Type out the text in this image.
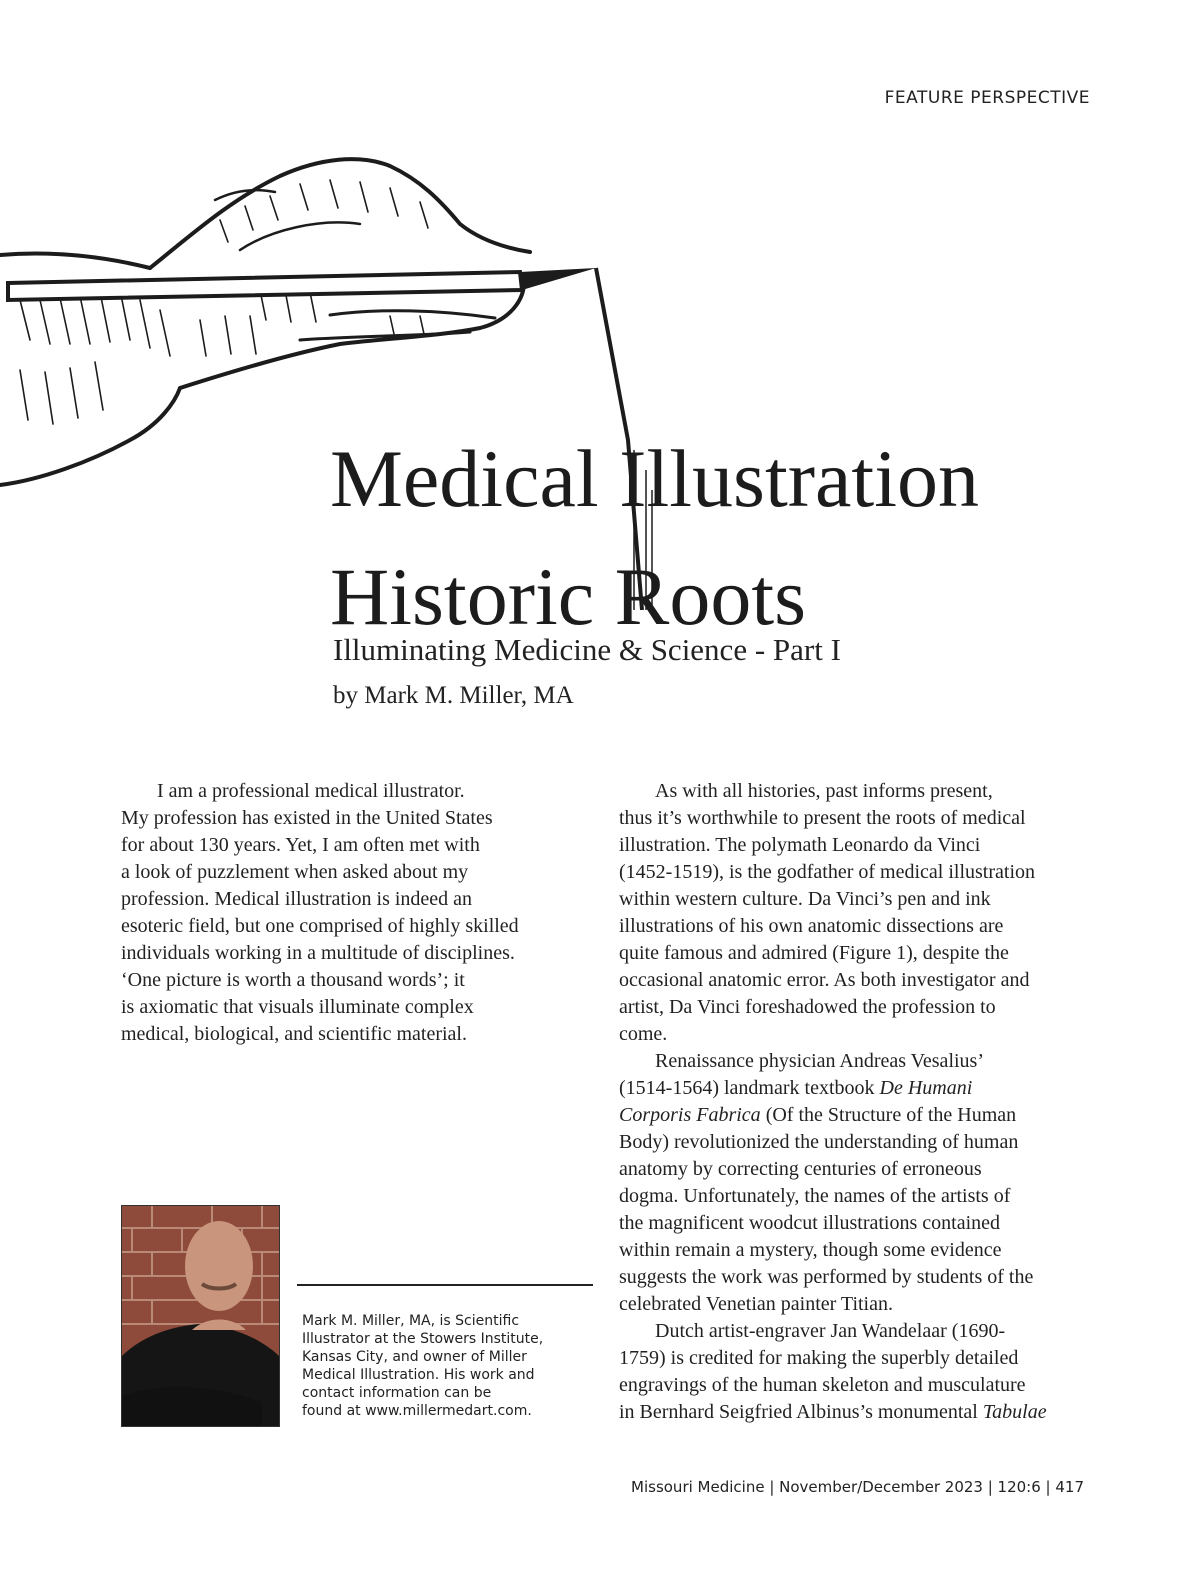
FEATURE PERSPECTIVE
Medical Illustration
Historic Roots
Illuminating Medicine & Science - Part I
by Mark M. Miller, MA

I am a professional medical illustrator.
My profession has existed in the United States
for about 130 years. Yet, I am often met with
a look of puzzlement when asked about my
profession. Medical illustration is indeed an
esoteric field, but one comprised of highly skilled
individuals working in a multitude of disciplines.
‘One picture is worth a thousand words’; it
is axiomatic that visuals illuminate complex
medical, biological, and scientific material.

As with all histories, past informs present,
thus it’s worthwhile to present the roots of medical
illustration. The polymath Leonardo da Vinci
(1452-1519), is the godfather of medical illustration
within western culture. Da Vinci’s pen and ink
illustrations of his own anatomic dissections are
quite famous and admired (Figure 1), despite the
occasional anatomic error. As both investigator and
artist, Da Vinci foreshadowed the profession to
come.

Renaissance physician Andreas Vesalius’
(1514-1564) landmark textbook De Humani
Corporis Fabrica (Of the Structure of the Human
Body) revolutionized the understanding of human
anatomy by correcting centuries of erroneous
dogma. Unfortunately, the names of the artists of
the magnificent woodcut illustrations contained
within remain a mystery, though some evidence
suggests the work was performed by students of the
celebrated Venetian painter Titian.

Dutch artist-engraver Jan Wandelaar (1690-
1759) is credited for making the superbly detailed
engravings of the human skeleton and musculature
in Bernhard Seigfried Albinus’s monumental Tabulae

Mark M. Miller, MA, is Scientific
Illustrator at the Stowers Institute,
Kansas City, and owner of Miller
Medical Illustration. His work and
contact information can be
found at www.millermedart.com.
Missouri Medicine | November/December 2023 | 120:6 | 417
